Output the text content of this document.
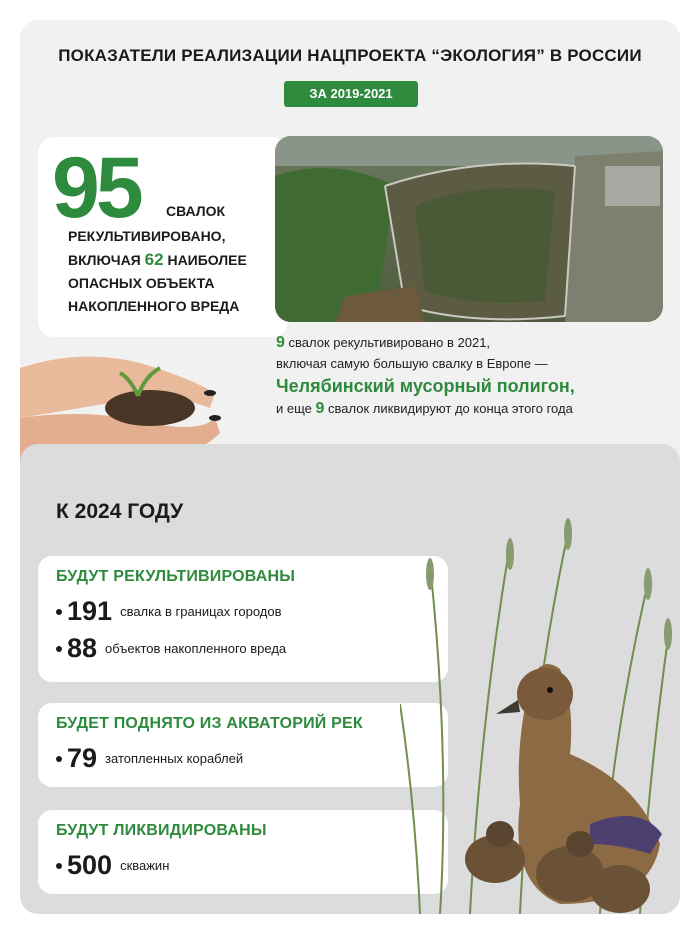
ПОКАЗАТЕЛИ РЕАЛИЗАЦИИ НАЦПРОЕКТА “ЭКОЛОГИЯ” В РОССИИ
ЗА 2019-2021
95 СВАЛОК
РЕКУЛЬТИВИРОВАНО,
ВКЛЮЧАЯ 62 НАИБОЛЕЕ
ОПАСНЫХ ОБЪЕКТА
НАКОПЛЕННОГО ВРЕДА
9 свалок рекультивировано в 2021,
включая самую большую свалку в Европе —
Челябинский мусорный полигон,
и еще 9 свалок ликвидируют до конца этого года
К 2024 ГОДУ
БУДУТ РЕКУЛЬТИВИРОВАНЫ
191 свалка в границах городов
88 объектов накопленного вреда
БУДЕТ ПОДНЯТО ИЗ АКВАТОРИЙ РЕК
79 затопленных кораблей
БУДУТ ЛИКВИДИРОВАНЫ
500 скважин
